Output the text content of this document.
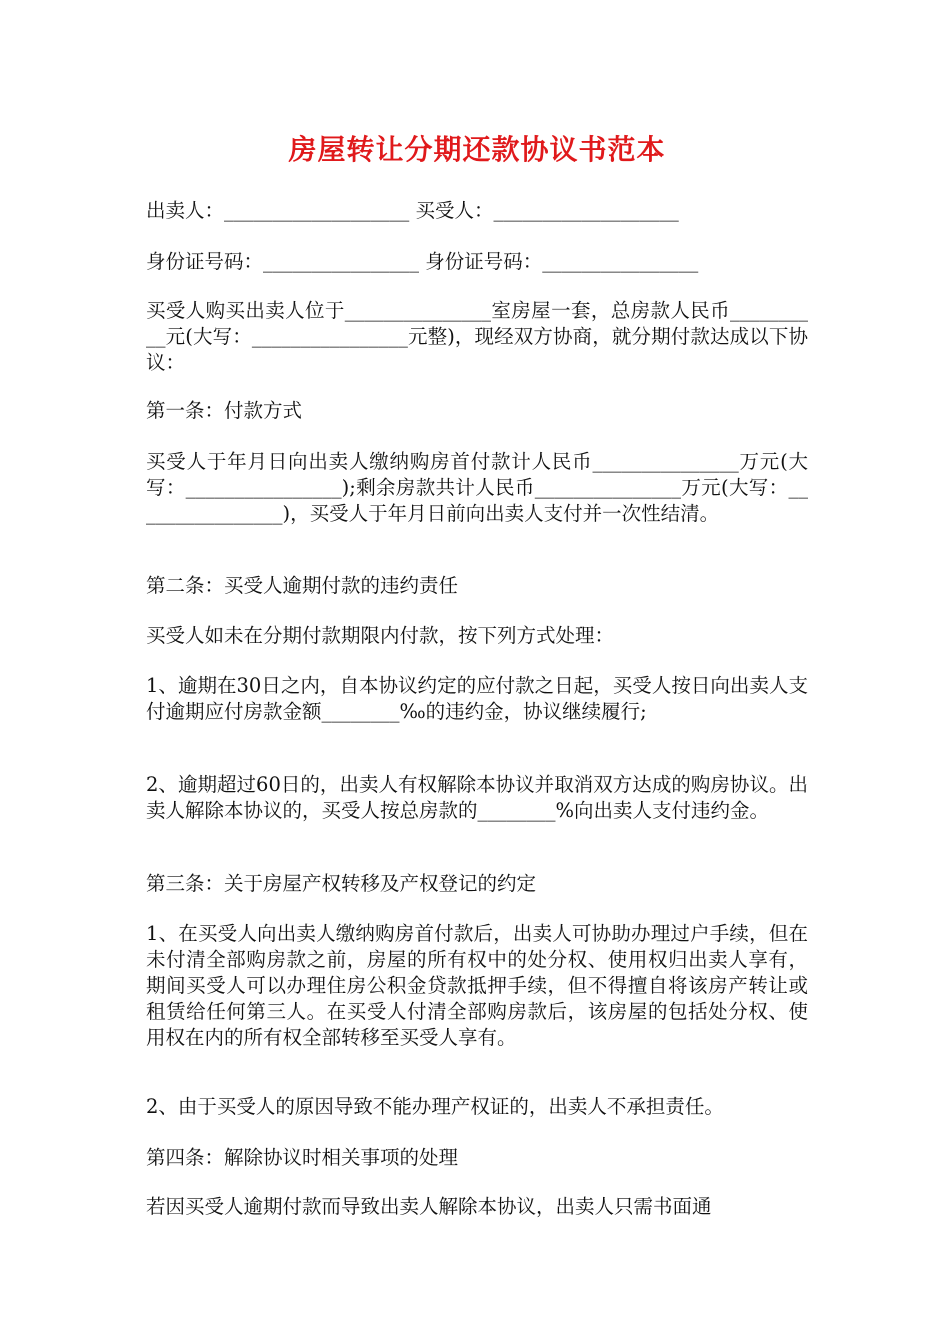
房屋转让分期还款协议书范本
出卖人：___________________ 买受人：___________________
身份证号码：________________ 身份证号码：________________
买受人购买出卖人位于_______________室房屋一套，总房款人民币__________元(大写：________________元整)，现经双方协商，就分期付款达成以下协议：
第一条：付款方式
买受人于年月日向出卖人缴纳购房首付款计人民币_______________万元(大写：________________);剩余房款共计人民币_______________万元(大写：________________)，买受人于年月日前向出卖人支付并一次性结清。
第二条：买受人逾期付款的违约责任
买受人如未在分期付款期限内付款，按下列方式处理：
1、逾期在30日之内，自本协议约定的应付款之日起，买受人按日向出卖人支付逾期应付房款金额________‰的违约金，协议继续履行;
2、逾期超过60日的，出卖人有权解除本协议并取消双方达成的购房协议。出卖人解除本协议的，买受人按总房款的________%向出卖人支付违约金。
第三条：关于房屋产权转移及产权登记的约定
1、在买受人向出卖人缴纳购房首付款后，出卖人可协助办理过户手续，但在未付清全部购房款之前，房屋的所有权中的处分权、使用权归出卖人享有，期间买受人可以办理住房公积金贷款抵押手续，但不得擅自将该房产转让或租赁给任何第三人。在买受人付清全部购房款后，该房屋的包括处分权、使用权在内的所有权全部转移至买受人享有。
2、由于买受人的原因导致不能办理产权证的，出卖人不承担责任。
第四条：解除协议时相关事项的处理
若因买受人逾期付款而导致出卖人解除本协议，出卖人只需书面通
